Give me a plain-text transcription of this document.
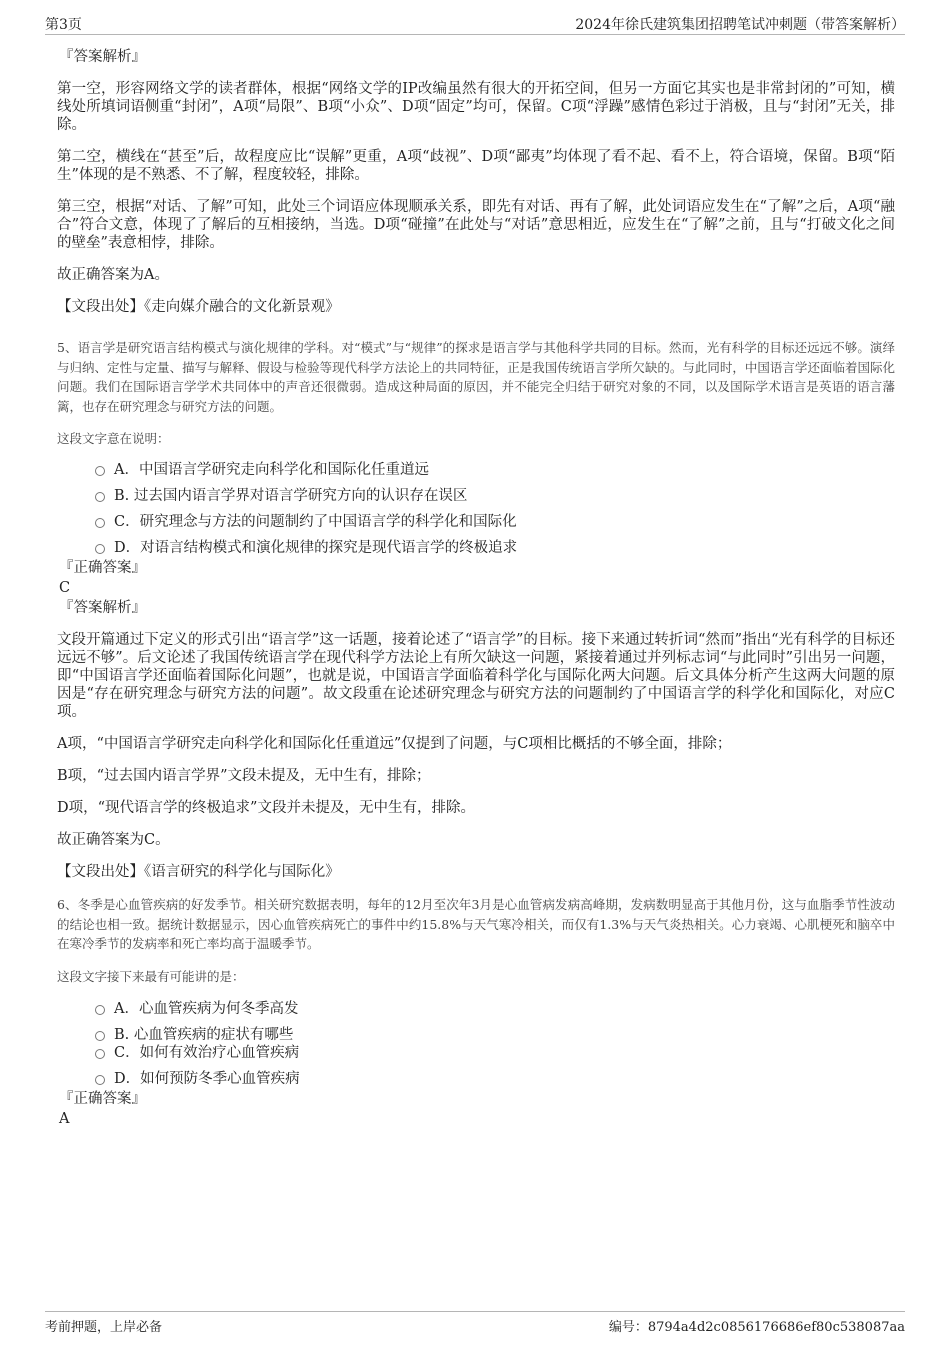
第3页	2024年徐氏建筑集团招聘笔试冲刺题（带答案解析）
『答案解析』

第一空，形容网络文学的读者群体，根据“网络文学的IP改编虽然有很大的开拓空间，但另一方面它其实也是非常封闭的”可知，横线处所填词语侧重“封闭”，A项“局限”、B项“小众”、D项“固定”均可，保留。C项“浮躁”感情色彩过于消极，且与“封闭”无关，排除。

第二空，横线在“甚至”后，故程度应比“误解”更重，A项“歧视”、D项“鄙夷”均体现了看不起、看不上，符合语境，保留。B项“陌生”体现的是不熟悉、不了解，程度较轻，排除。

第三空，根据“对话、了解”可知，此处三个词语应体现顺承关系，即先有对话、再有了解，此处词语应发生在“了解”之后，A项“融合”符合文意，体现了了解后的互相接纳，当选。D项“碰撞”在此处与“对话”意思相近，应发生在“了解”之前，且与“打破文化之间的壁垒”表意相悖，排除。

故正确答案为A。

【文段出处】《走向媒介融合的文化新景观》

5、语言学是研究语言结构模式与演化规律的学科。对“模式”与“规律”的探求是语言学与其他科学共同的目标。然而，光有科学的目标还远远不够。演绎与归纳、定性与定量、描写与解释、假设与检验等现代科学方法论上的共同特征，正是我国传统语言学所欠缺的。与此同时，中国语言学还面临着国际化问题。我们在国际语言学学术共同体中的声音还很微弱。造成这种局面的原因，并不能完全归结于研究对象的不同，以及国际学术语言是英语的语言藩篱，也存在研究理念与研究方法的问题。

这段文字意在说明：

A．中国语言学研究走向科学化和国际化任重道远
B. 过去国内语言学界对语言学研究方向的认识存在误区
C．研究理念与方法的问题制约了中国语言学的科学化和国际化
D．对语言结构模式和演化规律的探究是现代语言学的终极追求
『正确答案』
C
『答案解析』

文段开篇通过下定义的形式引出“语言学”这一话题，接着论述了“语言学”的目标。接下来通过转折词“然而”指出“光有科学的目标还远远不够”。后文论述了我国传统语言学在现代科学方法论上有所欠缺这一问题，紧接着通过并列标志词“与此同时”引出另一问题，即“中国语言学还面临着国际化问题”，也就是说，中国语言学面临着科学化与国际化两大问题。后文具体分析产生这两大问题的原因是“存在研究理念与研究方法的问题”。故文段重在论述研究理念与研究方法的问题制约了中国语言学的科学化和国际化，对应C项。

A项，“中国语言学研究走向科学化和国际化任重道远”仅提到了问题，与C项相比概括的不够全面，排除；

B项，“过去国内语言学界”文段未提及，无中生有，排除；

D项，“现代语言学的终极追求”文段并未提及，无中生有，排除。

故正确答案为C。

【文段出处】《语言研究的科学化与国际化》

6、冬季是心血管疾病的好发季节。相关研究数据表明，每年的12月至次年3月是心血管病发病高峰期，发病数明显高于其他月份，这与血脂季节性波动的结论也相一致。据统计数据显示，因心血管疾病死亡的事件中约15.8%与天气寒冷相关，而仅有1.3%与天气炎热相关。心力衰竭、心肌梗死和脑卒中在寒冷季节的发病率和死亡率均高于温暖季节。

这段文字接下来最有可能讲的是：

A．心血管疾病为何冬季高发
B. 心血管疾病的症状有哪些
C．如何有效治疗心血管疾病
D．如何预防冬季心血管疾病
『正确答案』
A
考前押题，上岸必备	编号：8794a4d2c0856176686ef80c538087aa
